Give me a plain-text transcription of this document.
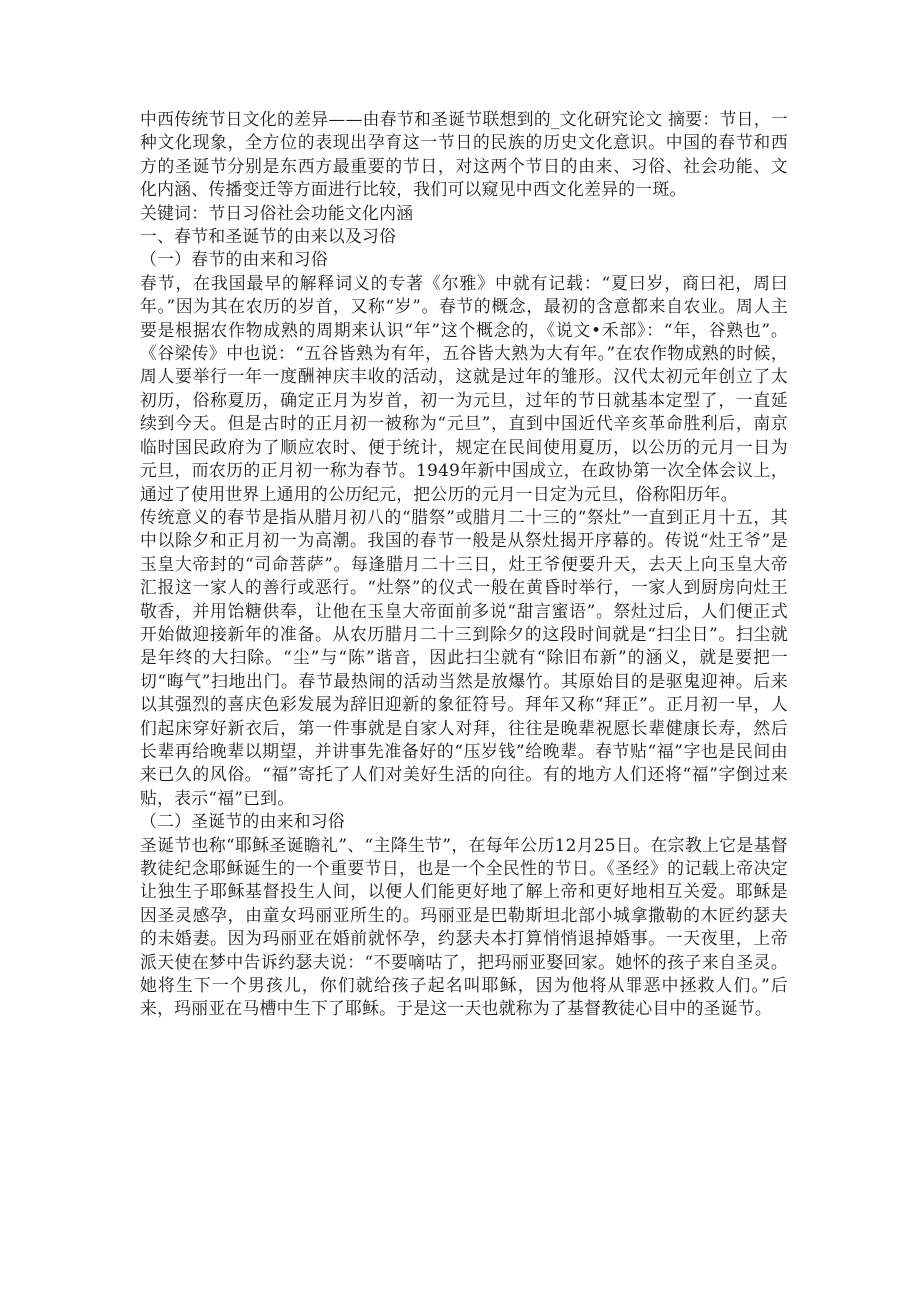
中西传统节日文化的差异——由春节和圣诞节联想到的_文化研究论文 摘要：节日，一种文化现象，全方位的表现出孕育这一节日的民族的历史文化意识。中国的春节和西方的圣诞节分别是东西方最重要的节日，对这两个节日的由来、习俗、社会功能、文化内涵、传播变迁等方面进行比较，我们可以窥见中西文化差异的一斑。

关键词：节日习俗社会功能文化内涵

一、春节和圣诞节的由来以及习俗

（一）春节的由来和习俗

春节，在我国最早的解释词义的专著《尔雅》中就有记载：“夏曰岁，商曰祀，周曰年。”因为其在农历的岁首，又称“岁”。春节的概念，最初的含意都来自农业。周人主要是根据农作物成熟的周期来认识“年”这个概念的，《说文•禾部》：“年，谷熟也”。《谷梁传》中也说：“五谷皆熟为有年，五谷皆大熟为大有年。”在农作物成熟的时候，周人要举行一年一度酬神庆丰收的活动，这就是过年的雏形。汉代太初元年创立了太初历，俗称夏历，确定正月为岁首，初一为元旦，过年的节日就基本定型了，一直延续到今天。但是古时的正月初一被称为“元旦”，直到中国近代辛亥革命胜利后，南京临时国民政府为了顺应农时、便于统计，规定在民间使用夏历，以公历的元月一日为元旦，而农历的正月初一称为春节。1949年新中国成立，在政协第一次全体会议上，通过了使用世界上通用的公历纪元，把公历的元月一日定为元旦，俗称阳历年。

传统意义的春节是指从腊月初八的“腊祭”或腊月二十三的“祭灶”一直到正月十五，其中以除夕和正月初一为高潮。我国的春节一般是从祭灶揭开序幕的。传说“灶王爷”是玉皇大帝封的“司命菩萨”。每逢腊月二十三日，灶王爷便要升天，去天上向玉皇大帝汇报这一家人的善行或恶行。“灶祭”的仪式一般在黄昏时举行，一家人到厨房向灶王敬香，并用饴糖供奉，让他在玉皇大帝面前多说“甜言蜜语”。祭灶过后，人们便正式开始做迎接新年的准备。从农历腊月二十三到除夕的这段时间就是“扫尘日”。扫尘就是年终的大扫除。“尘”与“陈”谐音，因此扫尘就有“除旧布新”的涵义，就是要把一切“晦气”扫地出门。春节最热闹的活动当然是放爆竹。其原始目的是驱鬼迎神。后来以其强烈的喜庆色彩发展为辞旧迎新的象征符号。拜年又称“拜正”。正月初一早，人们起床穿好新衣后，第一件事就是自家人对拜，往往是晚辈祝愿长辈健康长寿，然后长辈再给晚辈以期望，并讲事先准备好的“压岁钱”给晚辈。春节贴“福”字也是民间由来已久的风俗。“福”寄托了人们对美好生活的向往。有的地方人们还将“福”字倒过来贴，表示“福”已到。

（二）圣诞节的由来和习俗

圣诞节也称“耶稣圣诞瞻礼”、“主降生节”，在每年公历12月25日。在宗教上它是基督教徒纪念耶稣诞生的一个重要节日，也是一个全民性的节日。《圣经》的记载上帝决定让独生子耶稣基督投生人间，以便人们能更好地了解上帝和更好地相互关爱。耶稣是因圣灵感孕，由童女玛丽亚所生的。玛丽亚是巴勒斯坦北部小城拿撒勒的木匠约瑟夫的未婚妻。因为玛丽亚在婚前就怀孕，约瑟夫本打算悄悄退掉婚事。一天夜里，上帝派天使在梦中告诉约瑟夫说：“不要嘀咕了，把玛丽亚娶回家。她怀的孩子来自圣灵。她将生下一个男孩儿，你们就给孩子起名叫耶稣，因为他将从罪恶中拯救人们。”后来，玛丽亚在马槽中生下了耶稣。于是这一天也就称为了基督教徒心目中的圣诞节。
